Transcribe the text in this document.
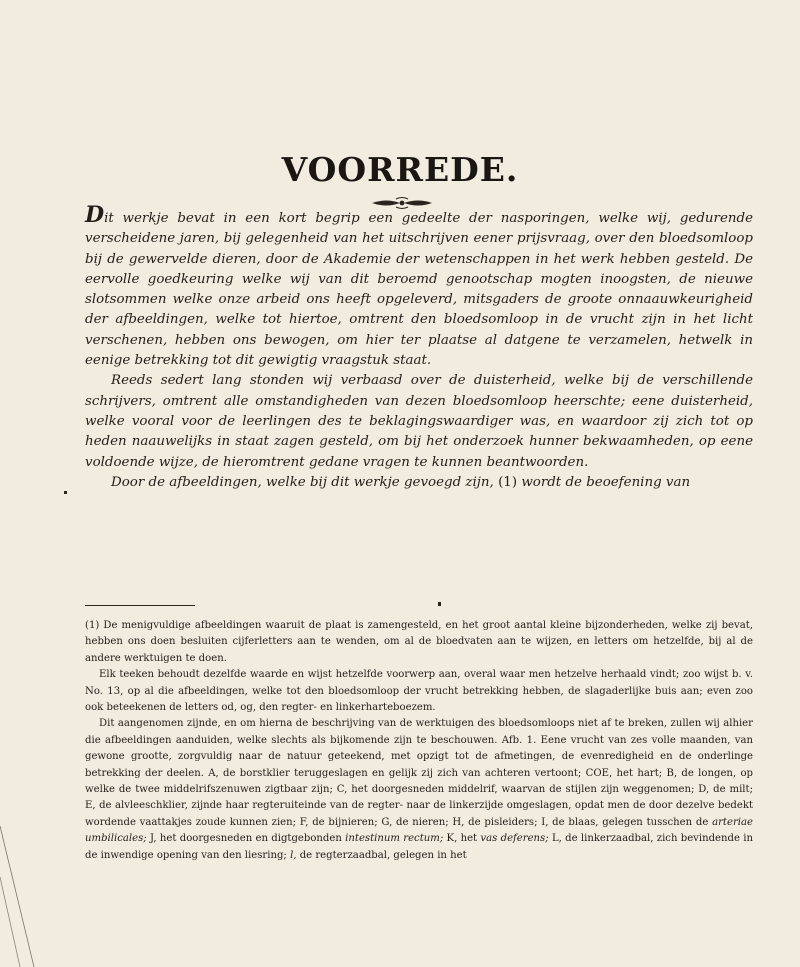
VOORREDE.

Dit werkje bevat in een kort begrip een gedeelte der nasporingen, welke wij, gedurende verscheidene jaren, bij gelegenheid van het uitschrijven eener prijsvraag, over den bloedsomloop bij de gewervelde dieren, door de Akademie der wetenschappen in het werk hebben gesteld. De eervolle goedkeuring welke wij van dit beroemd genootschap mogten inoogsten, de nieuwe slotsommen welke onze arbeid ons heeft opgeleverd, mitsgaders de groote onnaauwkeurigheid der afbeeldingen, welke tot hiertoe, omtrent den bloedsomloop in de vrucht zijn in het licht verschenen, hebben ons bewogen, om hier ter plaatse al datgene te verzamelen, hetwelk in eenige betrekking tot dit gewigtig vraagstuk staat.

Reeds sedert lang stonden wij verbaasd over de duisterheid, welke bij de verschillende schrijvers, omtrent alle omstandigheden van dezen bloedsomloop heerschte; eene duisterheid, welke vooral voor de leerlingen des te beklagingswaardiger was, en waardoor zij zich tot op heden naauwelijks in staat zagen gesteld, om bij het onderzoek hunner bekwaamheden, op eene voldoende wijze, de hieromtrent gedane vragen te kunnen beantwoorden.

Door de afbeeldingen, welke bij dit werkje gevoegd zijn, (1) wordt de beoefening van

(1) De menigvuldige afbeeldingen waaruit de plaat is zamengesteld, en het groot aantal kleine bijzonderheden, welke zij bevat, hebben ons doen besluiten cijferletters aan te wenden, om al de bloedvaten aan te wijzen, en letters om hetzelfde, bij al de andere werktuigen te doen.

Elk teeken behoudt dezelfde waarde en wijst hetzelfde voorwerp aan, overal waar men hetzelve herhaald vindt; zoo wijst b. v. No. 13, op al die afbeeldingen, welke tot den bloedsomloop der vrucht betrekking hebben, de slagaderlijke buis aan; even zoo ook beteekenen de letters od, og, den regter- en linkerharteboezem.

Dit aangenomen zijnde, en om hierna de beschrijving van de werktuigen des bloedsomloops niet af te breken, zullen wij alhier die afbeeldingen aanduiden, welke slechts als bijkomende zijn te beschouwen. Afb. 1. Eene vrucht van zes volle maanden, van gewone grootte, zorgvuldig naar de natuur geteekend, met opzigt tot de afmetingen, de evenredigheid en de onderlinge betrekking der deelen. A, de borstklier teruggeslagen en gelijk zij zich van achteren vertoont; COE, het hart; B, de longen, op welke de twee middelrifszenuwen zigtbaar zijn; C, het doorgesneden middelrif, waarvan de stijlen zijn weggenomen; D, de milt; E, de alvleeschklier, zijnde haar regteruiteinde van de regter- naar de linkerzijde omgeslagen, opdat men de door dezelve bedekt wordende vaattakjes zoude kunnen zien; F, de bijnieren; G, de nieren; H, de pisleiders; I, de blaas, gelegen tusschen de arteriae umbilicales; J, het doorgesneden en digtgebonden intestinum rectum; K, het vas deferens; L, de linkerzaadbal, zich bevindende in de inwendige opening van den liesring; l, de regterzaadbal, gelegen in het
